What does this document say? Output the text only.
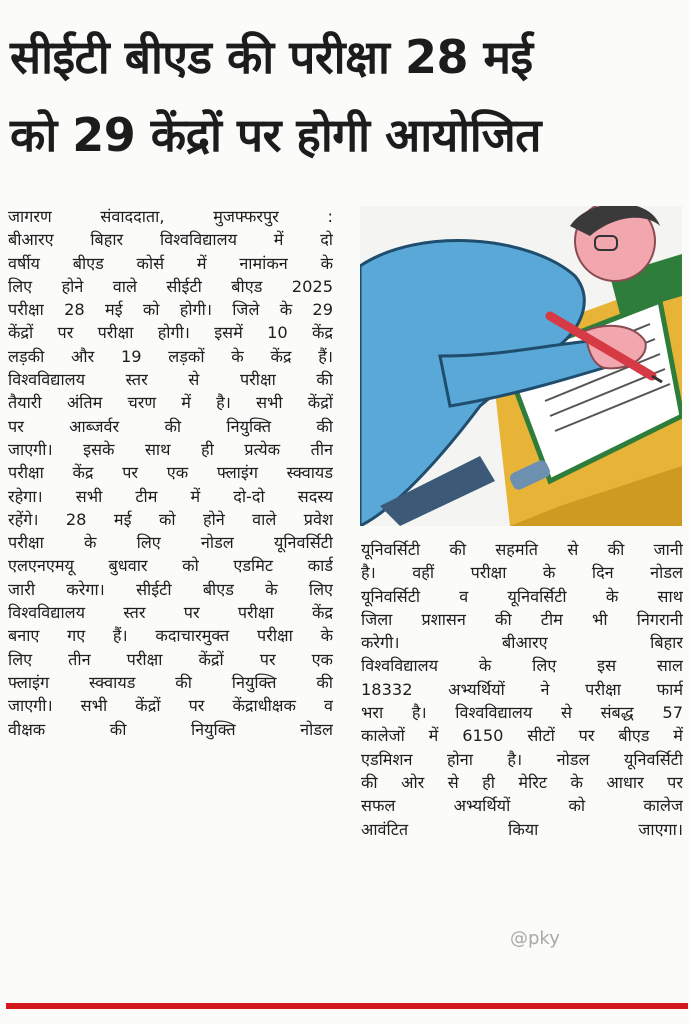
सीईटी बीएड की परीक्षा 28 मई
को 29 केंद्रों पर होगी आयोजित
जागरण संवाददाता, मुजफ्फरपुर :
बीआरए बिहार विश्वविद्यालय में दो
वर्षीय बीएड कोर्स में नामांकन के
लिए होने वाले सीईटी बीएड 2025
परीक्षा 28 मई को होगी। जिले के 29
केंद्रों पर परीक्षा होगी। इसमें 10 केंद्र
लड़की और 19 लड़कों के केंद्र हैं।
विश्वविद्यालय स्तर से परीक्षा की
तैयारी अंतिम चरण में है। सभी केंद्रों
पर आब्जर्वर की नियुक्ति की
जाएगी। इसके साथ ही प्रत्येक तीन
परीक्षा केंद्र पर एक फ्लाइंग स्क्वायड
रहेगा। सभी टीम में दो-दो सदस्य
रहेंगे। 28 मई को होने वाले प्रवेश
परीक्षा के लिए नोडल यूनिवर्सिटी
एलएनएमयू बुधवार को एडमिट कार्ड
जारी करेगा। सीईटी बीएड के लिए
विश्वविद्यालय स्तर पर परीक्षा केंद्र
बनाए गए हैं। कदाचारमुक्त परीक्षा के
लिए तीन परीक्षा केंद्रों पर एक
फ्लाइंग स्क्वायड की नियुक्ति की
जाएगी। सभी केंद्रों पर केंद्राधीक्षक व
वीक्षक की नियुक्ति नोडल
यूनिवर्सिटी की सहमति से की जानी
है। वहीं परीक्षा के दिन नोडल
यूनिवर्सिटी व यूनिवर्सिटी के साथ
जिला प्रशासन की टीम भी निगरानी
करेगी। बीआरए बिहार
विश्वविद्यालय के लिए इस साल
18332 अभ्यर्थियों ने परीक्षा फार्म
भरा है। विश्वविद्यालय से संबद्ध 57
कालेजों में 6150 सीटों पर बीएड में
एडमिशन होना है। नोडल यूनिवर्सिटी
की ओर से ही मेरिट के आधार पर
सफल अभ्यर्थियों को कालेज
आवंटित किया जाएगा।
@pky
